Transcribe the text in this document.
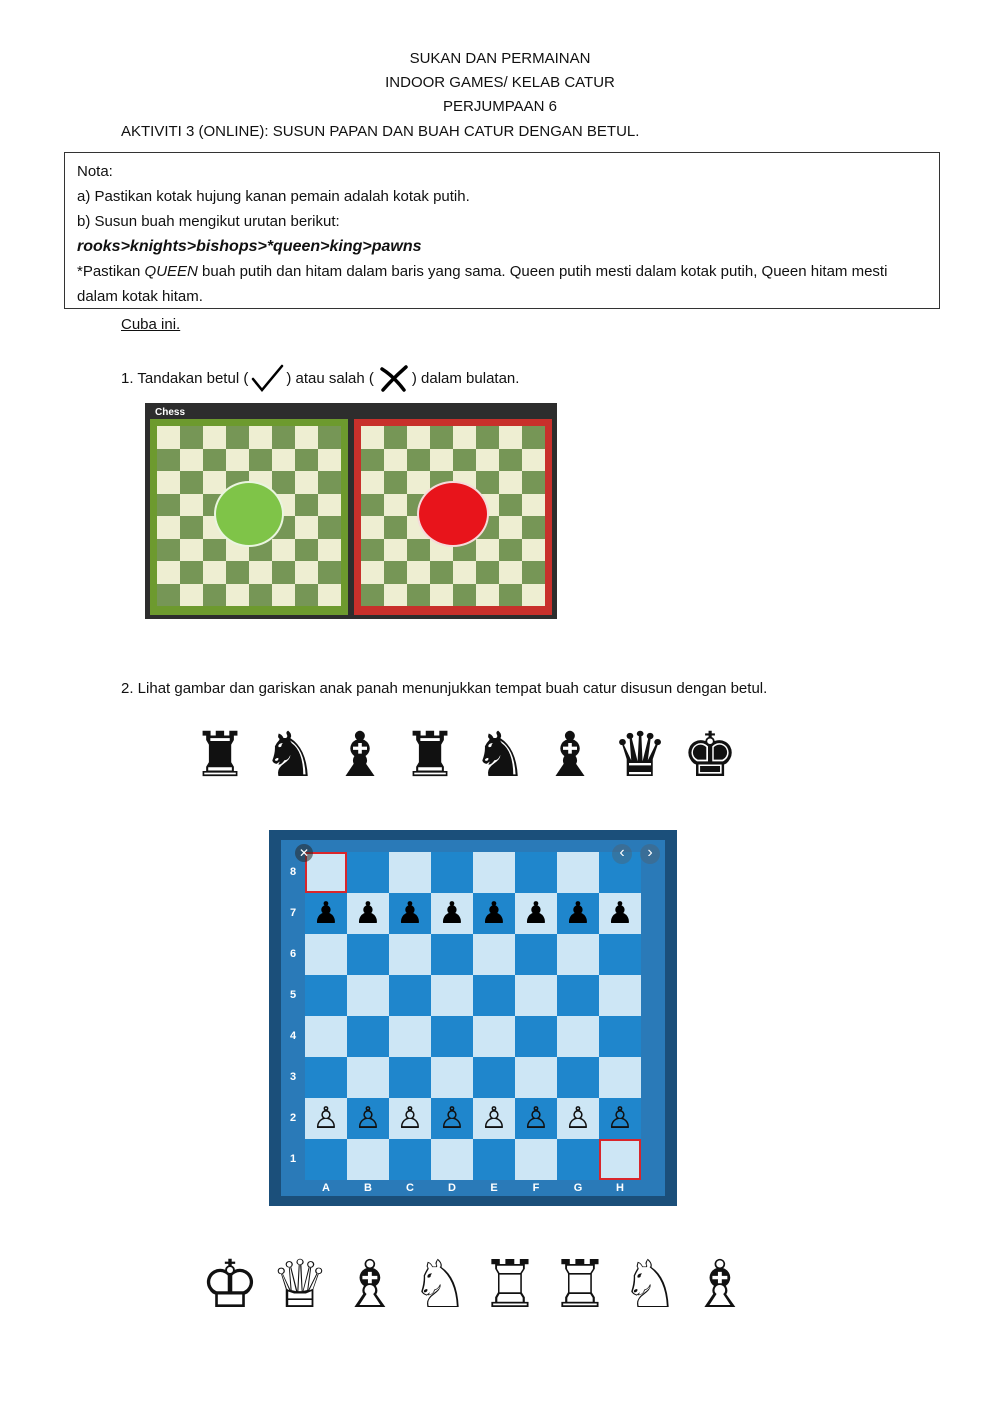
SUKAN DAN PERMAINAN
INDOOR GAMES/ KELAB CATUR
PERJUMPAAN 6
AKTIVITI 3 (ONLINE): SUSUN PAPAN DAN BUAH CATUR DENGAN BETUL.
Nota:
a) Pastikan kotak hujung kanan pemain adalah kotak putih.
b) Susun buah mengikut urutan berikut:
rooks>knights>bishops>*queen>king>pawns
*Pastikan QUEEN buah putih dan hitam dalam baris yang sama. Queen putih mesti dalam kotak putih, Queen hitam mesti dalam kotak hitam.
Cuba ini.
1. Tandakan betul (	) atau salah (	) dalam bulatan.
Chess
2. Lihat gambar dan gariskan anak panah menunjukkan tempat buah catur disusun dengan betul.
♜ ♞ ♝ ♜ ♞ ♝ ♛ ♚
8
7
6
5
4
3
2
1
♟ ♟ ♟ ♟ ♟ ♟ ♟ ♟
♙ ♙ ♙ ♙ ♙ ♙ ♙ ♙
A	B	C	D	E	F	G	H
✕	‹	›
♔ ♕ ♗ ♘ ♖ ♖ ♘ ♗
